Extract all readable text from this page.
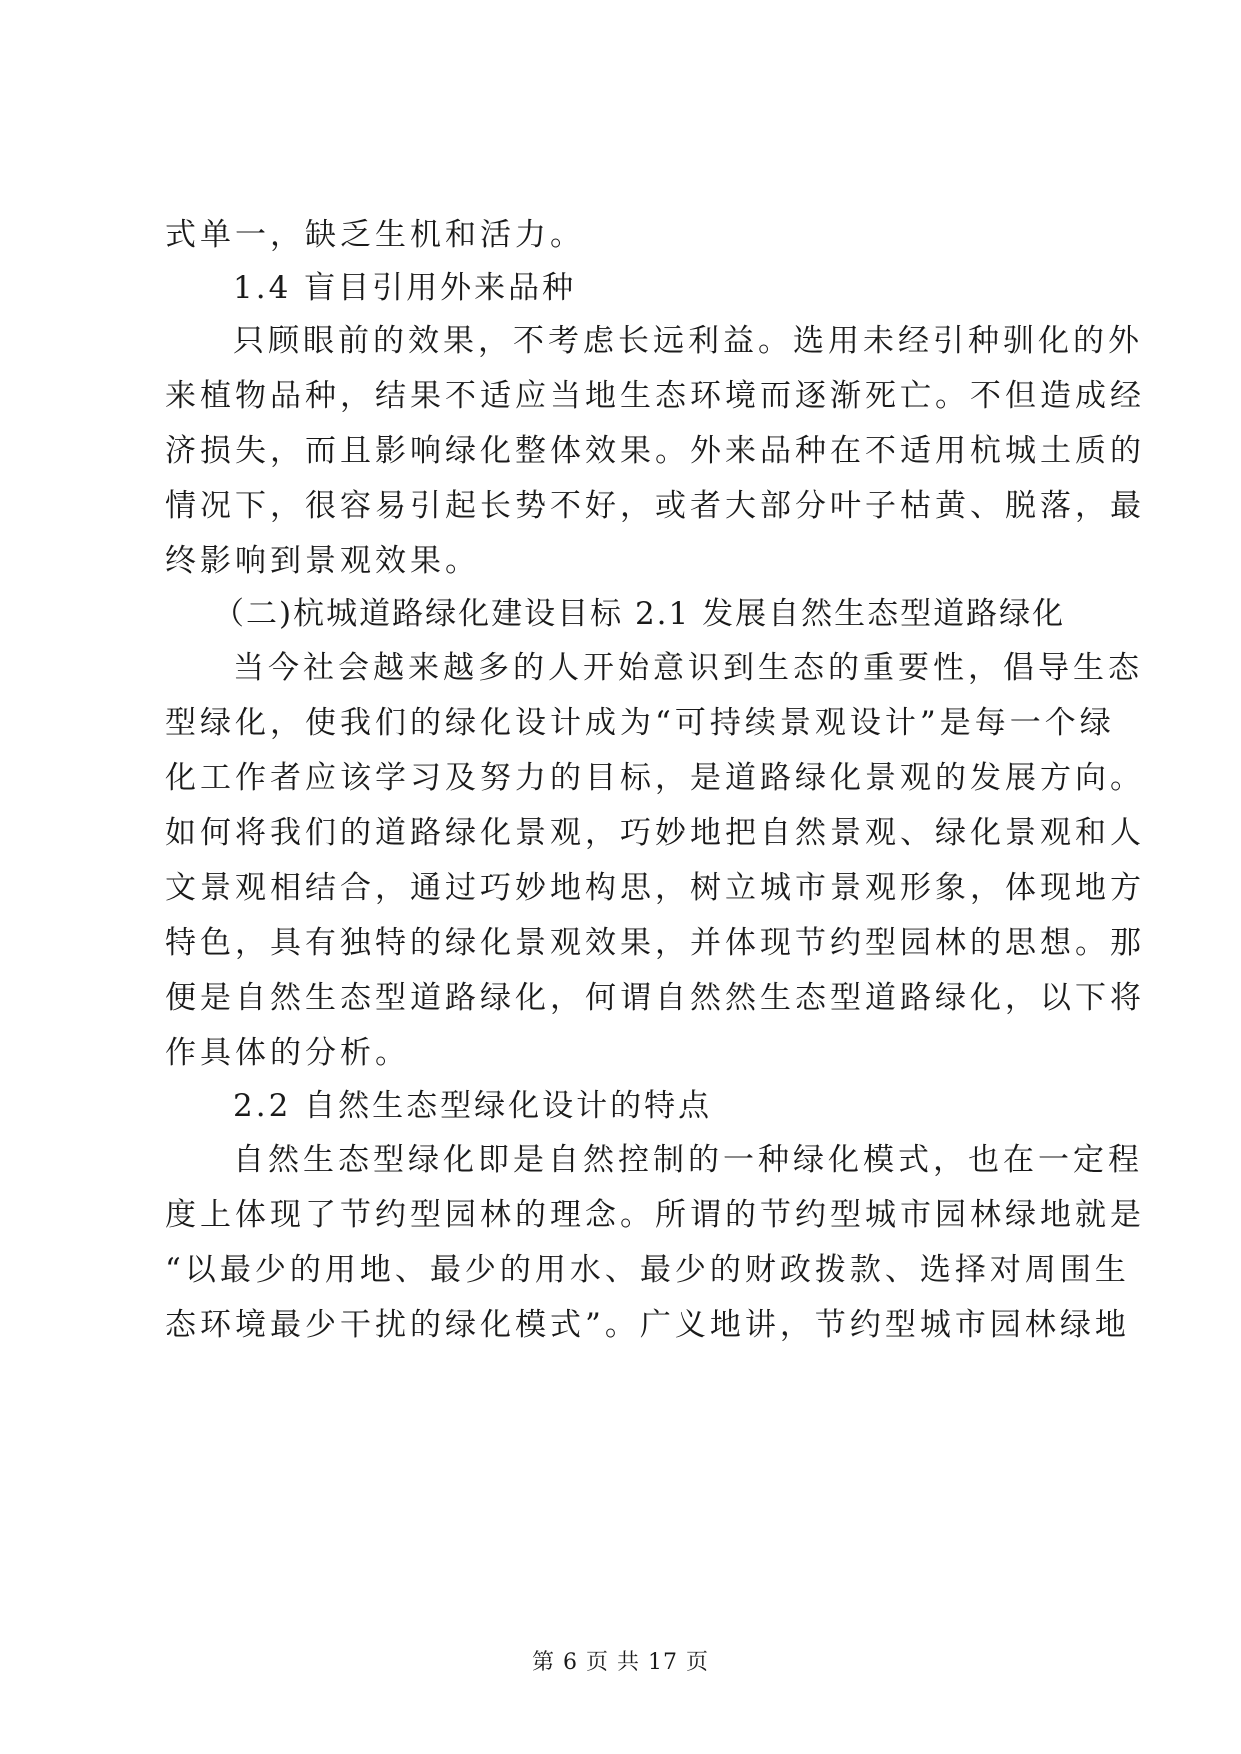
式单一，缺乏生机和活力。
1.4 盲目引用外来品种
只顾眼前的效果，不考虑长远利益。选用未经引种驯化的外
来植物品种，结果不适应当地生态环境而逐渐死亡。不但造成经
济损失，而且影响绿化整体效果。外来品种在不适用杭城土质的
情况下，很容易引起长势不好，或者大部分叶子枯黄、脱落，最
终影响到景观效果。
（二)杭城道路绿化建设目标 2.1 发展自然生态型道路绿化
当今社会越来越多的人开始意识到生态的重要性，倡导生态
型绿化，使我们的绿化设计成为“可持续景观设计”是每一个绿
化工作者应该学习及努力的目标，是道路绿化景观的发展方向。
如何将我们的道路绿化景观，巧妙地把自然景观、绿化景观和人
文景观相结合，通过巧妙地构思，树立城市景观形象，体现地方
特色，具有独特的绿化景观效果，并体现节约型园林的思想。那
便是自然生态型道路绿化，何谓自然然生态型道路绿化，以下将
作具体的分析。
2.2 自然生态型绿化设计的特点
自然生态型绿化即是自然控制的一种绿化模式，也在一定程
度上体现了节约型园林的理念。所谓的节约型城市园林绿地就是
“以最少的用地、最少的用水、最少的财政拨款、选择对周围生
态环境最少干扰的绿化模式”。广义地讲，节约型城市园林绿地
第 6 页 共 17 页
